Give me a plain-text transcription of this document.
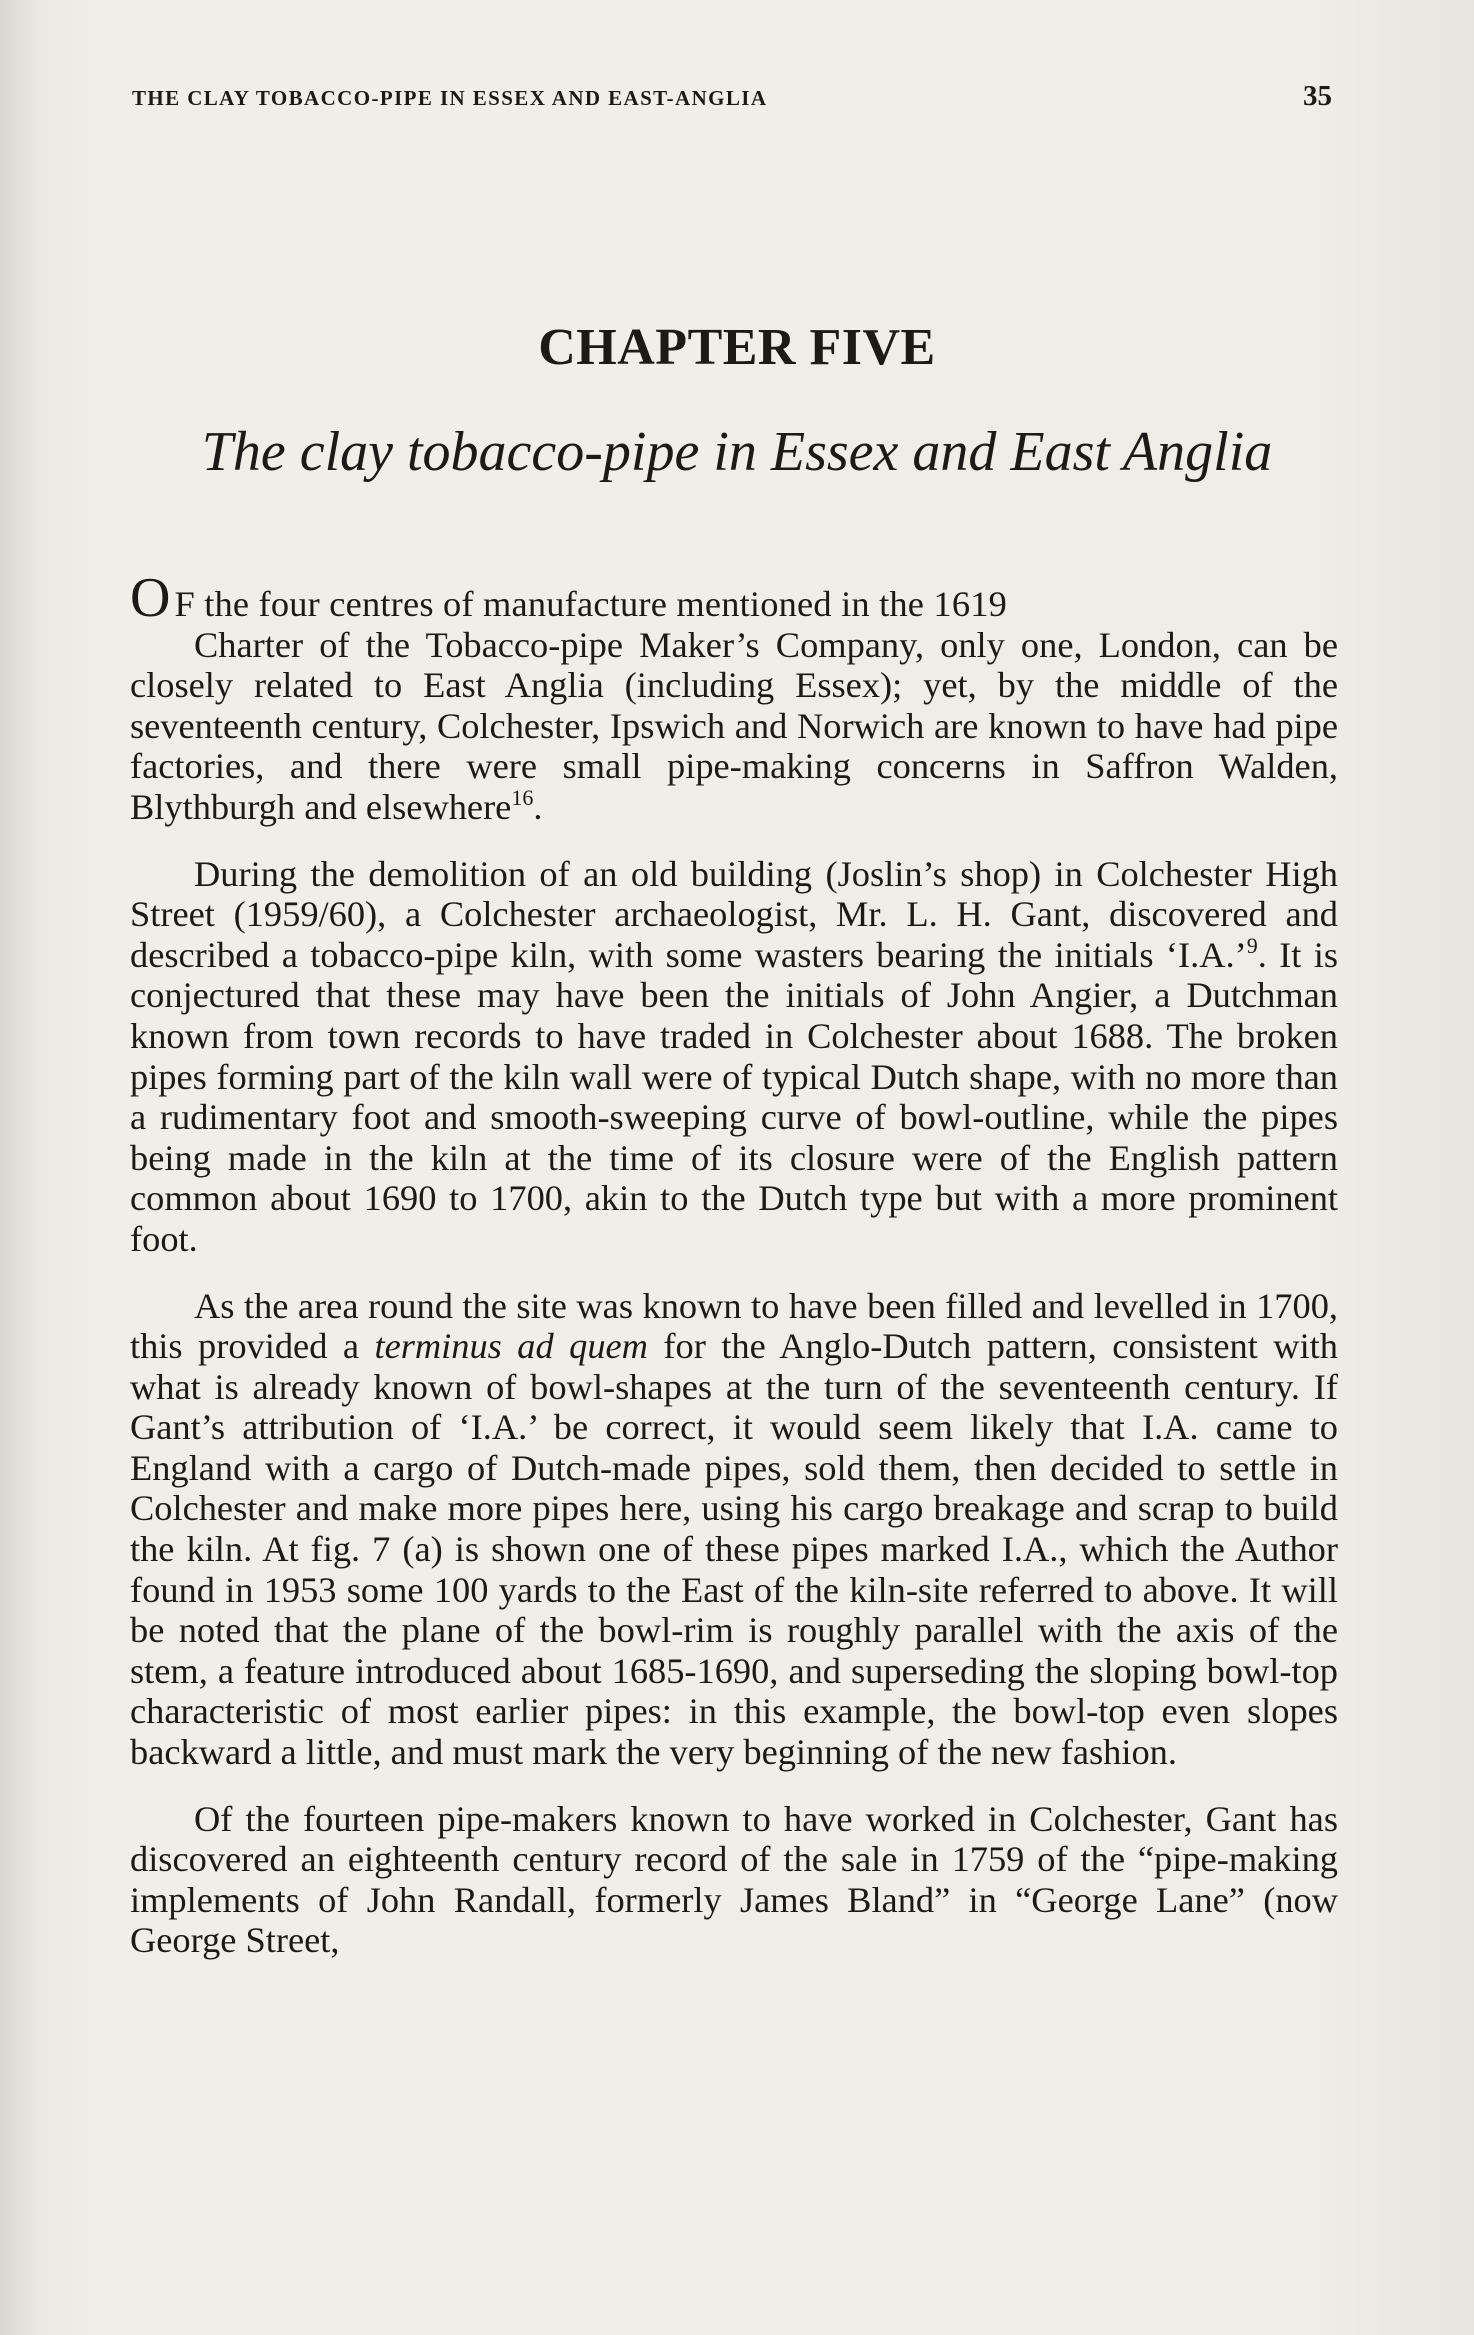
THE CLAY TOBACCO-PIPE IN ESSEX AND EAST-ANGLIA	35
CHAPTER FIVE
The clay tobacco-pipe in Essex and East Anglia

O F the four centres of manufacture mentioned in the 1619
Charter of the Tobacco-pipe Maker’s Company, only one, London, can be closely related to East Anglia (including Essex); yet, by the middle of the seventeenth century, Colchester, Ipswich and Norwich are known to have had pipe factories, and there were small pipe-making concerns in Saffron Walden, Blythburgh and elsewhere$^{16}$.

During the demolition of an old building (Joslin’s shop) in Colchester High Street (1959/60), a Colchester archaeologist, Mr. L. H. Gant, discovered and described a tobacco-pipe kiln, with some wasters bearing the initials ‘I.A.’$^9$. It is conjectured that these may have been the initials of John Angier, a Dutchman known from town records to have traded in Colchester about 1688. The broken pipes forming part of the kiln wall were of typical Dutch shape, with no more than a rudimentary foot and smooth-sweeping curve of bowl-outline, while the pipes being made in the kiln at the time of its closure were of the English pattern common about 1690 to 1700, akin to the Dutch type but with a more prominent foot.

As the area round the site was known to have been filled and levelled in 1700, this provided a terminus ad quem for the Anglo-Dutch pattern, consistent with what is already known of bowl-shapes at the turn of the seventeenth century. If Gant’s attribution of ‘I.A.’ be correct, it would seem likely that I.A. came to England with a cargo of Dutch-made pipes, sold them, then decided to settle in Colchester and make more pipes here, using his cargo breakage and scrap to build the kiln. At fig. 7 (a) is shown one of these pipes marked I.A., which the Author found in 1953 some 100 yards to the East of the kiln-site referred to above. It will be noted that the plane of the bowl-rim is roughly parallel with the axis of the stem, a feature introduced about 1685-1690, and superseding the sloping bowl-top characteristic of most earlier pipes: in this example, the bowl-top even slopes backward a little, and must mark the very beginning of the new fashion.

Of the fourteen pipe-makers known to have worked in Colchester, Gant has discovered an eighteenth century record of the sale in 1759 of the “pipe-making implements of John Randall, formerly James Bland” in “George Lane” (now George Street,
